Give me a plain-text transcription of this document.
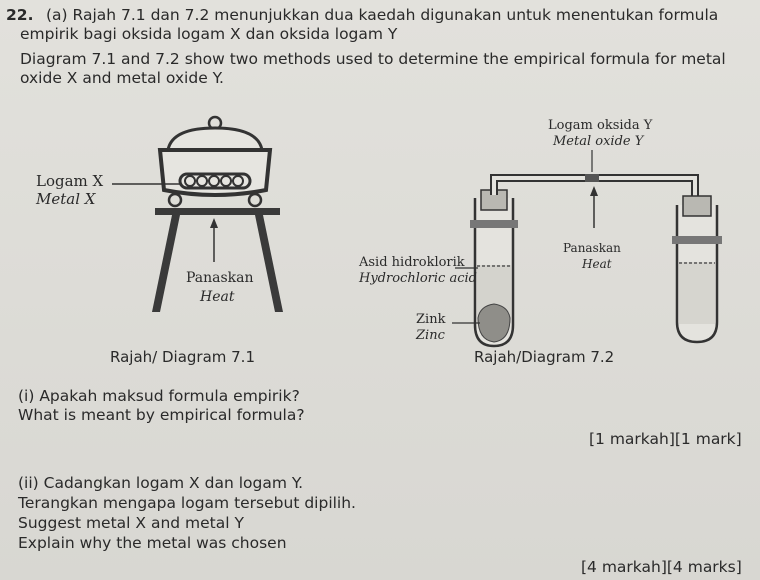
22. (a) Rajah 7.1 dan 7.2 menunjukkan dua kaedah digunakan untuk menentukan formula
empirik bagi oksida logam X dan oksida logam Y
Diagram 7.1 and 7.2 show two methods used to determine the empirical formula for metal
oxide X and metal oxide Y.
Logam X
Metal X
Panaskan
Heat
Rajah/ Diagram 7.1
Logam oksida Y
Metal oxide Y
Panaskan
Heat
Asid hidroklorik
Hydrochloric acid
Zink
Zinc
Rajah/Diagram 7.2
(i) Apakah maksud formula empirik?
What is meant by empirical formula?
[1 markah][1 mark]
(ii) Cadangkan logam X dan logam Y.
Terangkan mengapa logam tersebut dipilih.
Suggest metal X and metal Y
Explain why the metal was chosen
[4 markah][4 marks]
